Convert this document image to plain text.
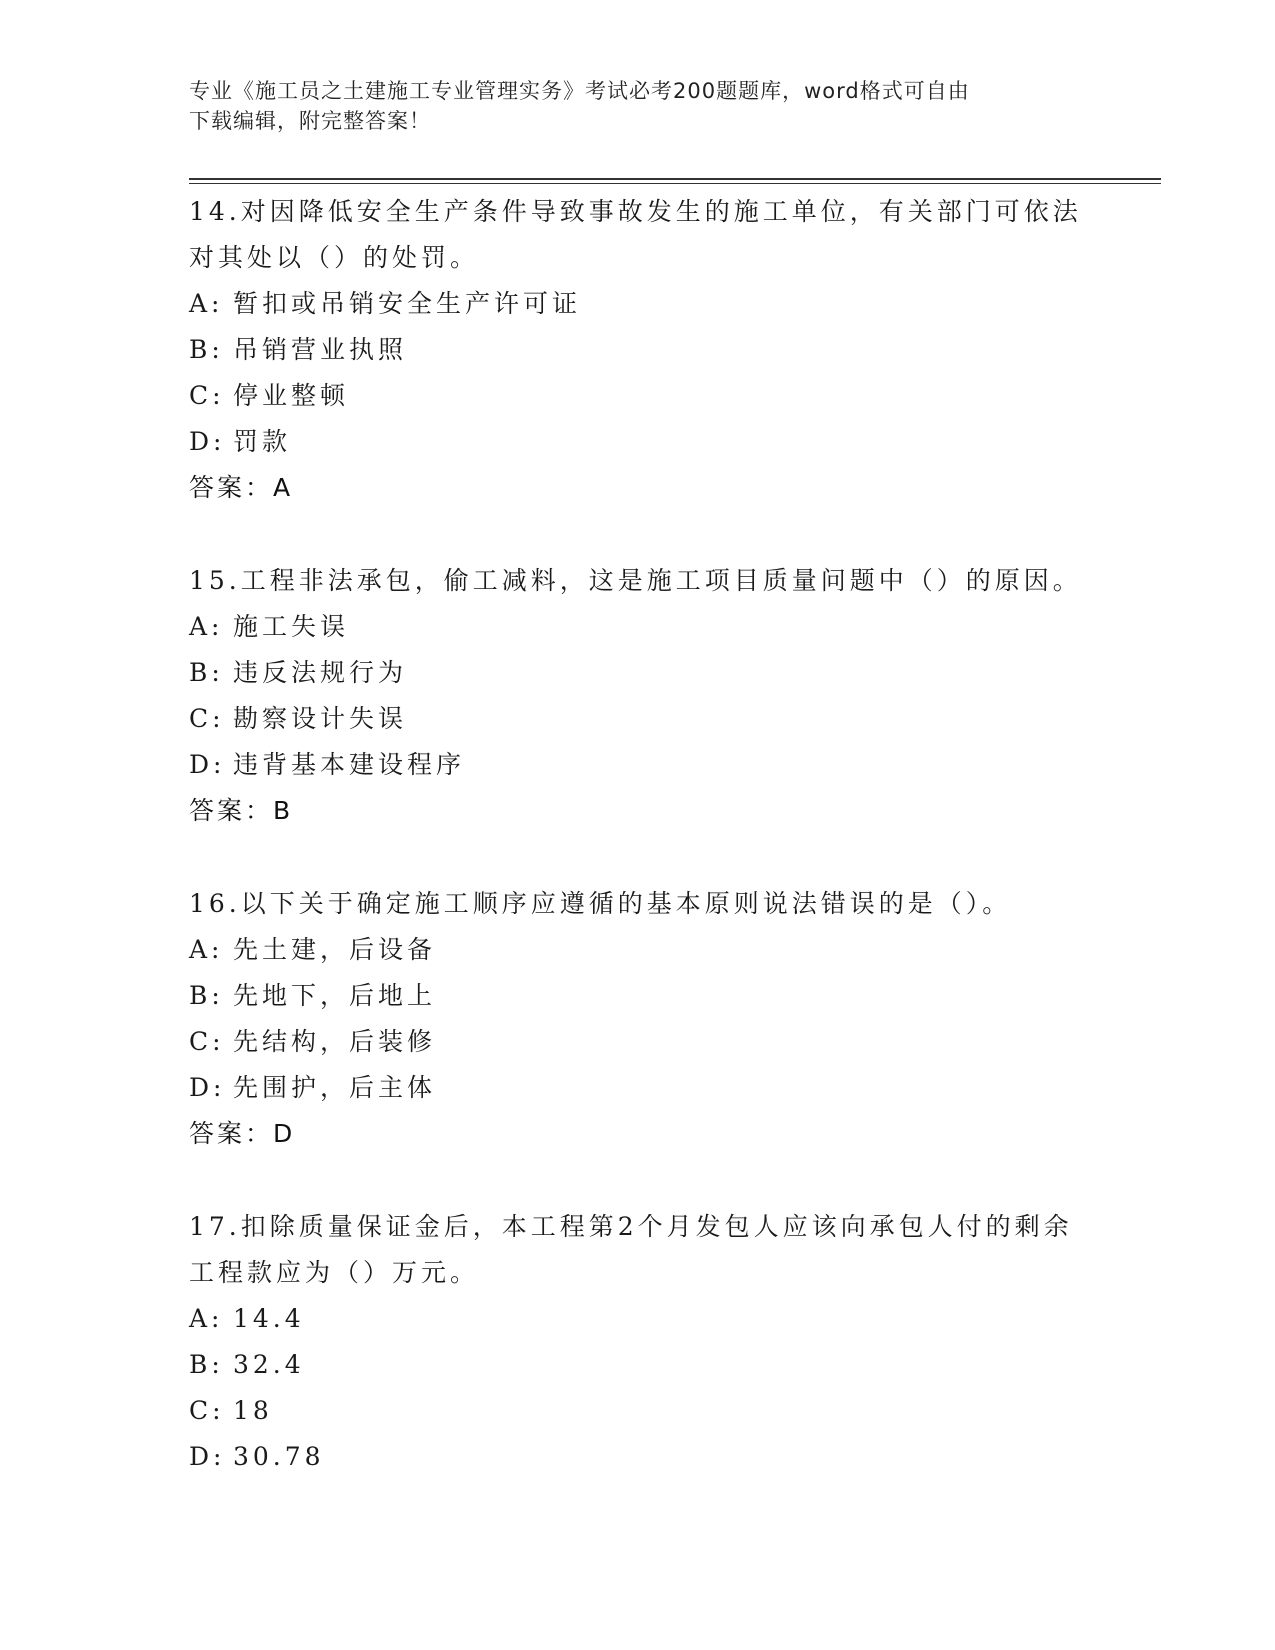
专业《施工员之土建施工专业管理实务》考试必考200题题库，word格式可自由
下载编辑，附完整答案！

14.对因降低安全生产条件导致事故发生的施工单位，有关部门可依法

对其处以（）的处罚。

A: 暂扣或吊销安全生产许可证

B: 吊销营业执照

C: 停业整顿

D: 罚款

答案：A

15.工程非法承包，偷工减料，这是施工项目质量问题中（）的原因。

A: 施工失误

B: 违反法规行为

C: 勘察设计失误

D: 违背基本建设程序

答案：B

16.以下关于确定施工顺序应遵循的基本原则说法错误的是（）。

A: 先土建，后设备

B: 先地下，后地上

C: 先结构，后装修

D: 先围护，后主体

答案：D

17.扣除质量保证金后，本工程第2个月发包人应该向承包人付的剩余

工程款应为（）万元。

A: 14.4

B: 32.4

C: 18

D: 30.78
